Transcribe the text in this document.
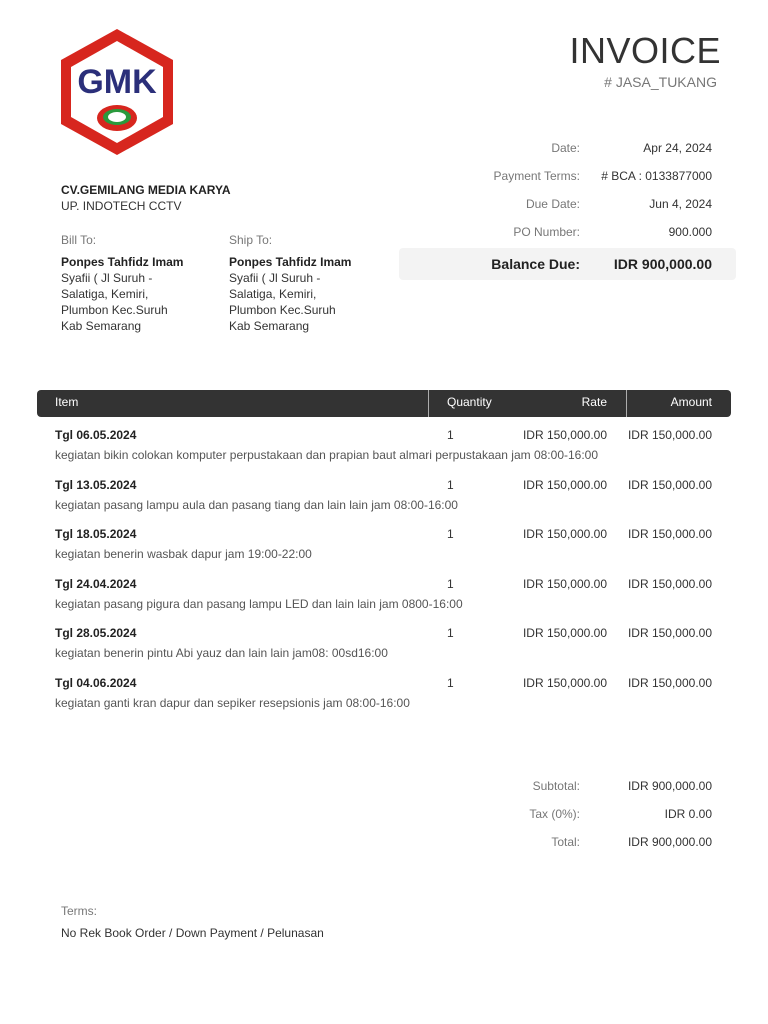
GMK
INVOICE
# JASA_TUKANG
Date:	Apr 24, 2024
Payment Terms: # BCA : 0133877000
Due Date:	Jun 4, 2024
PO Number:	900.000
Balance Due: IDR 900,000.00
CV.GEMILANG MEDIA KARYA
UP. INDOTECH CCTV
Bill To:
Ponpes Tahfidz Imam
Syafii ( Jl Suruh -
Salatiga, Kemiri,
Plumbon Kec.Suruh
Kab Semarang
Ship To:
Ponpes Tahfidz Imam
Syafii ( Jl Suruh -
Salatiga, Kemiri,
Plumbon Kec.Suruh
Kab Semarang
Item	Quantity	Rate	Amount
Tgl 06.05.2024	1	IDR 150,000.00 IDR 150,000.00
kegiatan bikin colokan komputer perpustakaan dan prapian baut almari perpustakaan jam 08:00-16:00
Tgl 13.05.2024	1	IDR 150,000.00 IDR 150,000.00
kegiatan pasang lampu aula dan pasang tiang dan lain lain jam 08:00-16:00
Tgl 18.05.2024	1	IDR 150,000.00 IDR 150,000.00
kegiatan benerin wasbak dapur jam 19:00-22:00
Tgl 24.04.2024	1	IDR 150,000.00 IDR 150,000.00
kegiatan pasang pigura dan pasang lampu LED dan lain lain jam 0800-16:00
Tgl 28.05.2024	1	IDR 150,000.00 IDR 150,000.00
kegiatan benerin pintu Abi yauz dan lain lain jam08: 00sd16:00
Tgl 04.06.2024	1	IDR 150,000.00 IDR 150,000.00
kegiatan ganti kran dapur dan sepiker resepsionis jam 08:00-16:00
Subtotal:	IDR 900,000.00
Tax (0%):	IDR 0.00
Total:	IDR 900,000.00
Terms:
No Rek Book Order / Down Payment / Pelunasan
